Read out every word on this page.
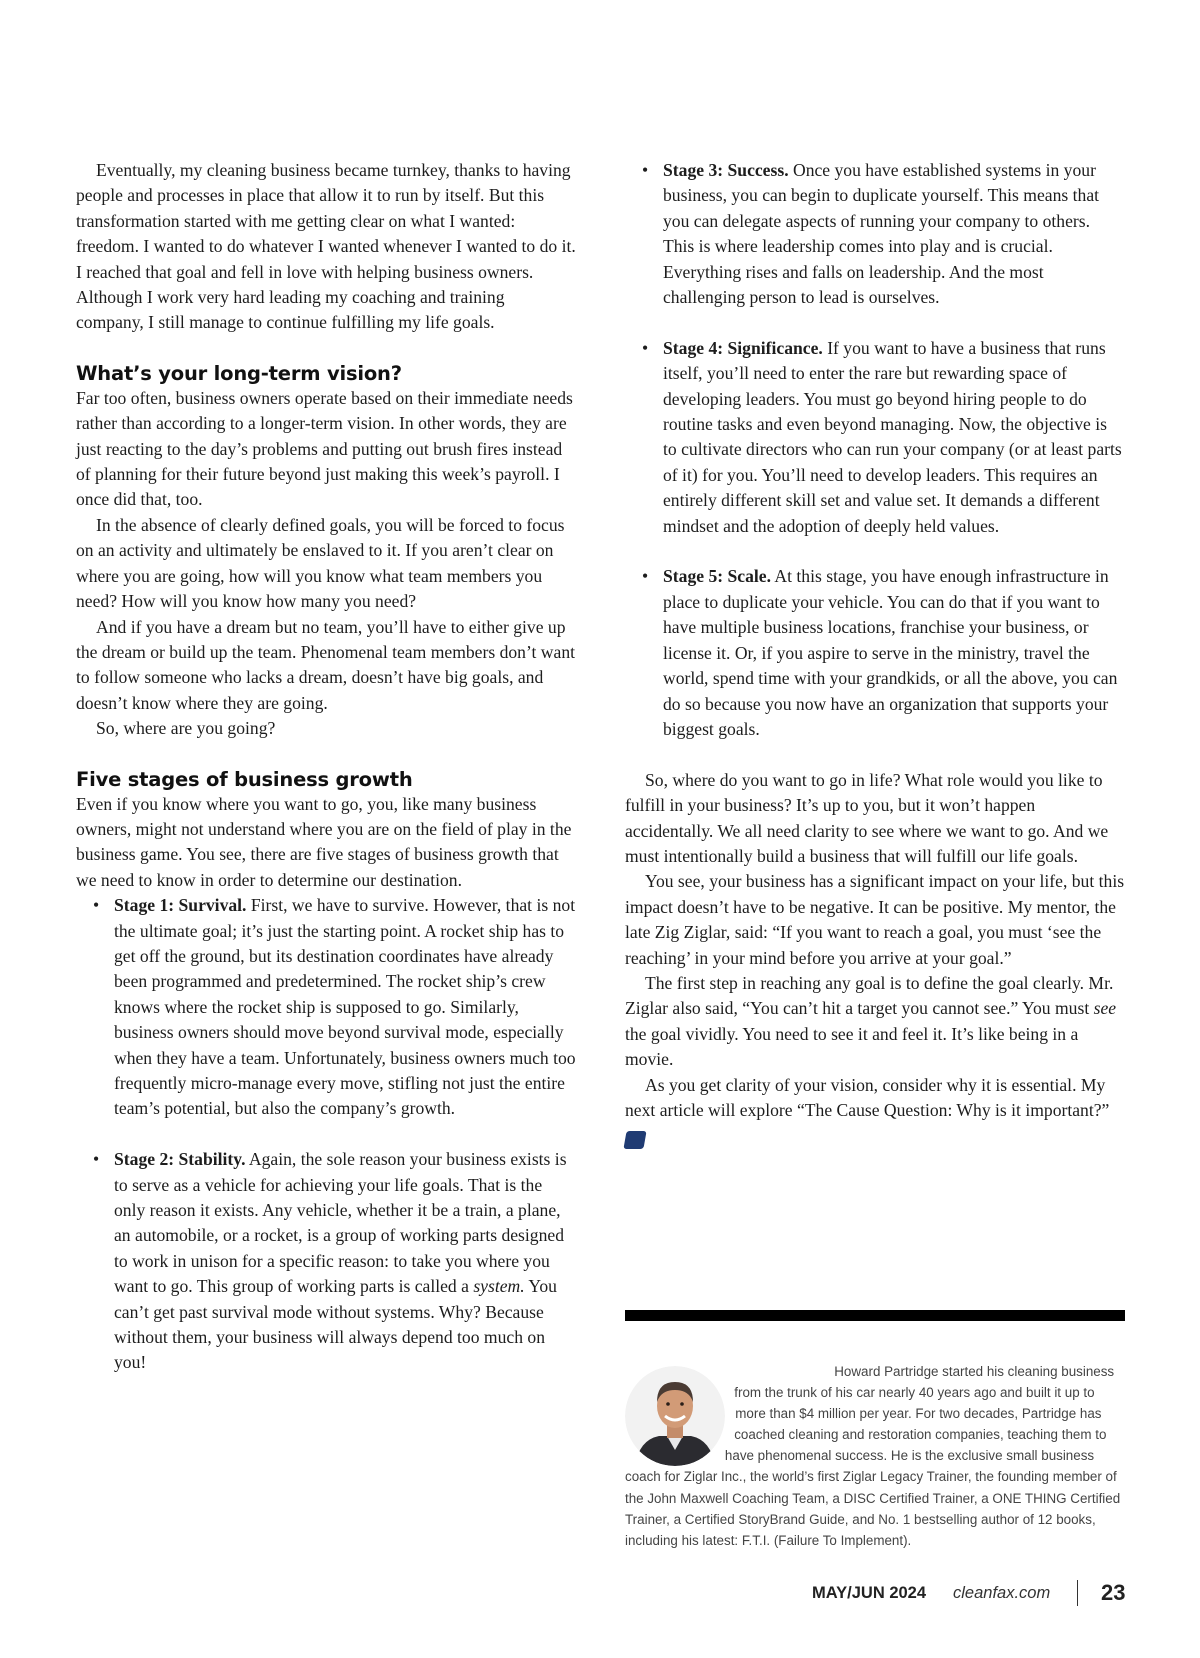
Eventually, my cleaning business became turnkey, thanks to having people and processes in place that allow it to run by itself. But this transformation started with me getting clear on what I wanted: freedom. I wanted to do whatever I wanted whenever I wanted to do it. I reached that goal and fell in love with helping business owners. Although I work very hard leading my coaching and training company, I still manage to continue fulfilling my life goals.

What’s your long-term vision?

Far too often, business owners operate based on their immediate needs rather than according to a longer-term vision. In other words, they are just reacting to the day’s problems and putting out brush fires instead of planning for their future beyond just making this week’s payroll. I once did that, too.

In the absence of clearly defined goals, you will be forced to focus on an activity and ultimately be enslaved to it. If you aren’t clear on where you are going, how will you know what team members you need? How will you know how many you need?

And if you have a dream but no team, you’ll have to either give up the dream or build up the team. Phenomenal team members don’t want to follow someone who lacks a dream, doesn’t have big goals, and doesn’t know where they are going.

So, where are you going?

Five stages of business growth

Even if you know where you want to go, you, like many business owners, might not understand where you are on the field of play in the business game. You see, there are five stages of business growth that we need to know in order to determine our destination.

• Stage 1: Survival. First, we have to survive. However, that is not the ultimate goal; it’s just the starting point. A rocket ship has to get off the ground, but its destination coordinates have already been programmed and predetermined. The rocket ship’s crew knows where the rocket ship is supposed to go. Similarly, business owners should move beyond survival mode, especially when they have a team. Unfortunately, business owners much too frequently micro-manage every move, stifling not just the entire team’s potential, but also the company’s growth.
• Stage 2: Stability. Again, the sole reason your business exists is to serve as a vehicle for achieving your life goals. That is the only reason it exists. Any vehicle, whether it be a train, a plane, an automobile, or a rocket, is a group of working parts designed to work in unison for a specific reason: to take you where you want to go. This group of working parts is called a system. You can’t get past survival mode without systems. Why? Because without them, your business will always depend too much on you!
• Stage 3: Success. Once you have established systems in your business, you can begin to duplicate yourself. This means that you can delegate aspects of running your company to others. This is where leadership comes into play and is crucial. Everything rises and falls on leadership. And the most challenging person to lead is ourselves.
• Stage 4: Significance. If you want to have a business that runs itself, you’ll need to enter the rare but rewarding space of developing leaders. You must go beyond hiring people to do routine tasks and even beyond managing. Now, the objective is to cultivate directors who can run your company (or at least parts of it) for you. You’ll need to develop leaders. This requires an entirely different skill set and value set. It demands a different mindset and the adoption of deeply held values.
• Stage 5: Scale. At this stage, you have enough infrastructure in place to duplicate your vehicle. You can do that if you want to have multiple business locations, franchise your business, or license it. Or, if you aspire to serve in the ministry, travel the world, spend time with your grandkids, or all the above, you can do so because you now have an organization that supports your biggest goals.

So, where do you want to go in life? What role would you like to fulfill in your business? It’s up to you, but it won’t happen accidentally. We all need clarity to see where we want to go. And we must intentionally build a business that will fulfill our life goals.

You see, your business has a significant impact on your life, but this impact doesn’t have to be negative. It can be positive. My mentor, the late Zig Ziglar, said: “If you want to reach a goal, you must ‘see the reaching’ in your mind before you arrive at your goal.”

The first step in reaching any goal is to define the goal clearly. Mr. Ziglar also said, “You can’t hit a target you cannot see.” You must see the goal vividly. You need to see it and feel it. It’s like being in a movie.

As you get clarity of your vision, consider why it is essential. My next article will explore “The Cause Question: Why is it important?” CF

Howard Partridge started his cleaning business from the trunk of his car nearly 40 years ago and built it up to more than $4 million per year. For two decades, Partridge has coached cleaning and restoration companies, teaching them to have phenomenal success. He is the exclusive small business coach for Ziglar Inc., the world’s first Ziglar Legacy Trainer, the founding member of the John Maxwell Coaching Team, a DISC Certified Trainer, a ONE THING Certified Trainer, a Certified StoryBrand Guide, and No. 1 bestselling author of 12 books, including his latest: F.T.I. (Failure To Implement).

MAY/JUN 2024 cleanfax.com 23
